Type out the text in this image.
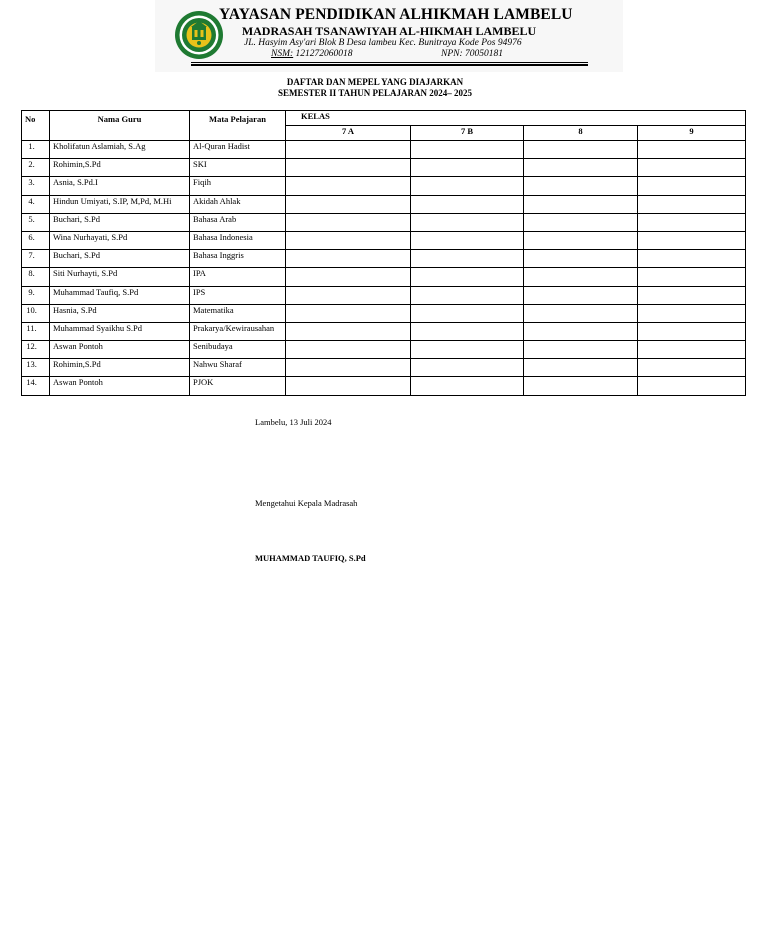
YAYASAN PENDIDIKAN ALHIKMAH LAMBELU
MADRASAH TSANAWIYAH AL-HIKMAH LAMBELU
JL. Hasyim Asy'ari Blok B Desa lambeu Kec. Bunitraya Kode Pos 94976
NSM: 121272060018	NPN: 70050181
DAFTAR DAN MEPEL YANG DIAJARKAN
SEMESTER II TAHUN PELAJARAN 2024– 2025
No	Nama Guru	Mata Pelajaran	KELAS			
			7 A	7 B	8	9
1.	Kholifatun Aslamiah, S.Ag	Al-Quran Hadist				
2.	Rohimin,S.Pd	SKI				
3.	Asnia, S.Pd.I	Fiqih				
4.	Hindun Umiyati, S.IP, M,Pd, M.Hi	Akidah Ahlak				
5.	Buchari, S.Pd	Bahasa Arab				
6.	Wina Nurhayati, S.Pd	Bahasa Indonesia				
7.	Buchari, S.Pd	Bahasa Inggris				
8.	Siti Nurhayti, S.Pd	IPA				
9.	Muhammad Taufiq, S.Pd	IPS				
10.	Hasnia, S.Pd	Matematika				
11.	Muhammad Syaikhu S.Pd	Prakarya/Kewirausahan				
12.	Aswan Pontoh	Senibudaya				
13.	Rohimin,S.Pd	Nahwu Sharaf				
14.	Aswan Pontoh	PJOK				
Lambelu, 13 Juli 2024
Mengetahui Kepala Madrasah
MUHAMMAD TAUFIQ, S.Pd
